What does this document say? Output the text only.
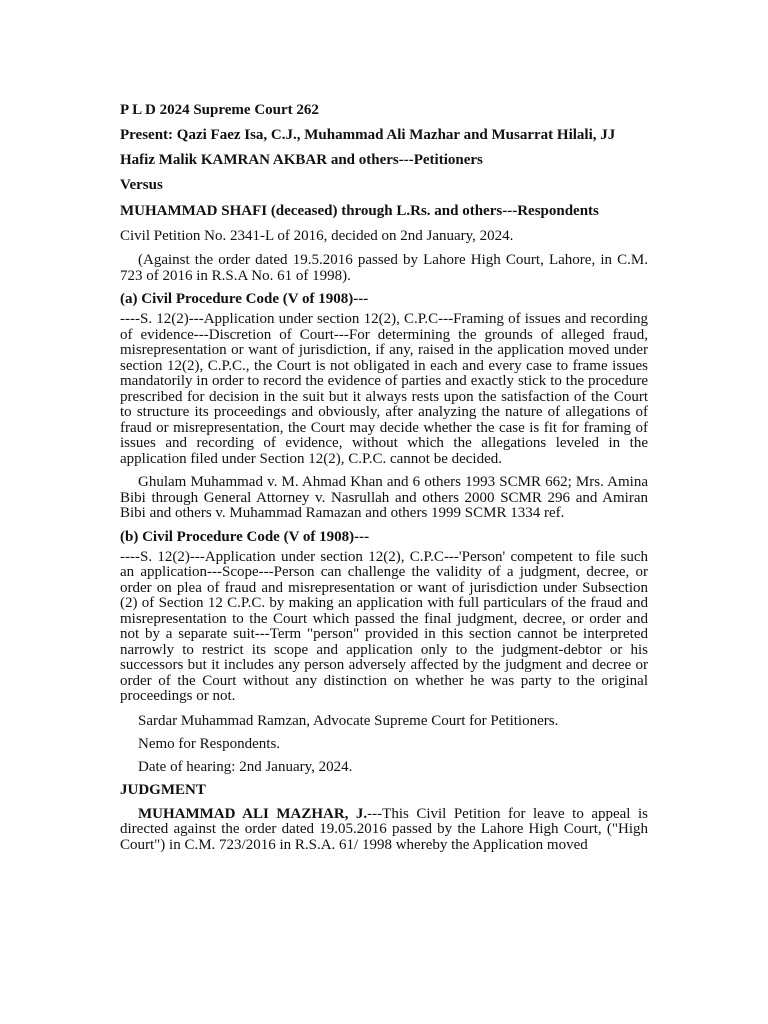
P L D 2024 Supreme Court 262

Present: Qazi Faez Isa, C.J., Muhammad Ali Mazhar and Musarrat Hilali, JJ

Hafiz Malik KAMRAN AKBAR and others---Petitioners

Versus

MUHAMMAD SHAFI (deceased) through L.Rs. and others---Respondents

Civil Petition No. 2341-L of 2016, decided on 2nd January, 2024.

(Against the order dated 19.5.2016 passed by Lahore High Court, Lahore, in C.M. 723 of 2016 in R.S.A No. 61 of 1998).

(a) Civil Procedure Code (V of 1908)---

----S. 12(2)---Application under section 12(2), C.P.C---Framing of issues and recording of evidence---Discretion of Court---For determining the grounds of alleged fraud, misrepresentation or want of jurisdiction, if any, raised in the application moved under section 12(2), C.P.C., the Court is not obligated in each and every case to frame issues mandatorily in order to record the evidence of parties and exactly stick to the procedure prescribed for decision in the suit but it always rests upon the satisfaction of the Court to structure its proceedings and obviously, after analyzing the nature of allegations of fraud or misrepresentation, the Court may decide whether the case is fit for framing of issues and recording of evidence, without which the allegations leveled in the application filed under Section 12(2), C.P.C. cannot be decided.

Ghulam Muhammad v. M. Ahmad Khan and 6 others 1993 SCMR 662; Mrs. Amina Bibi through General Attorney v. Nasrullah and others 2000 SCMR 296 and Amiran Bibi and others v. Muhammad Ramazan and others 1999 SCMR 1334 ref.

(b) Civil Procedure Code (V of 1908)---

----S. 12(2)---Application under section 12(2), C.P.C---'Person' competent to file such an application---Scope---Person can challenge the validity of a judgment, decree, or order on plea of fraud and misrepresentation or want of jurisdiction under Subsection (2) of Section 12 C.P.C. by making an application with full particulars of the fraud and misrepresentation to the Court which passed the final judgment, decree, or order and not by a separate suit---Term "person" provided in this section cannot be interpreted narrowly to restrict its scope and application only to the judgment-debtor or his successors but it includes any person adversely affected by the judgment and decree or order of the Court without any distinction on whether he was party to the original proceedings or not.

Sardar Muhammad Ramzan, Advocate Supreme Court for Petitioners.

Nemo for Respondents.

Date of hearing: 2nd January, 2024.

JUDGMENT

MUHAMMAD ALI MAZHAR, J.---This Civil Petition for leave to appeal is directed against the order dated 19.05.2016 passed by the Lahore High Court, ("High Court") in C.M. 723/2016 in R.S.A. 61/ 1998 whereby the Application moved
